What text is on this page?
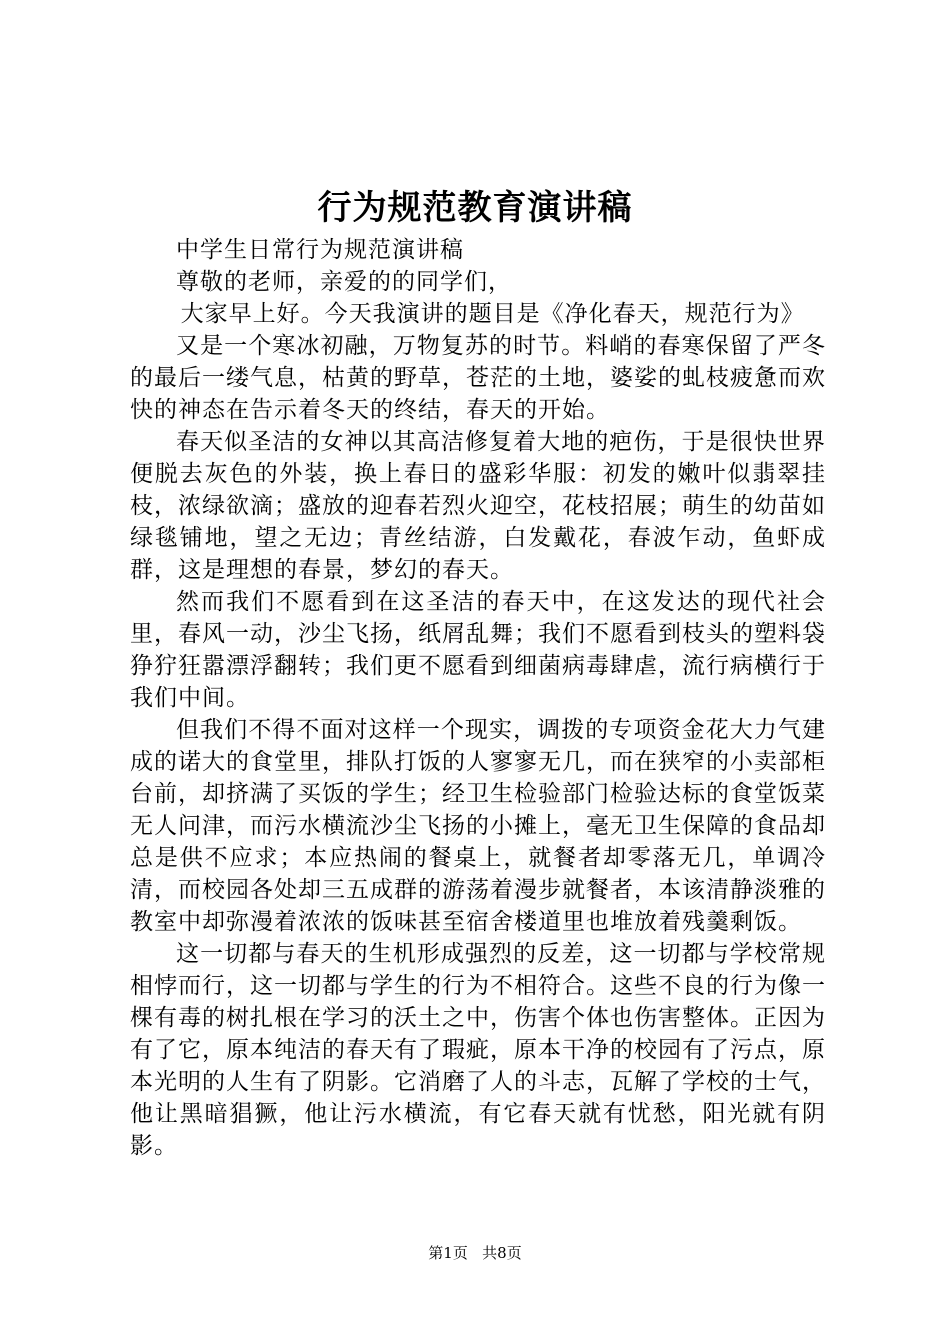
行为规范教育演讲稿

中学生日常行为规范演讲稿

尊敬的老师，亲爱的的同学们，

大家早上好。今天我演讲的题目是《净化春天，规范行为》

又是一个寒冰初融，万物复苏的时节。料峭的春寒保留了严冬的最后一缕气息，枯黄的野草，苍茫的土地，婆娑的虬枝疲惫而欢快的神态在告示着冬天的终结，春天的开始。

春天似圣洁的女神以其高洁修复着大地的疤伤，于是很快世界便脱去灰色的外装，换上春日的盛彩华服：初发的嫩叶似翡翠挂枝，浓绿欲滴；盛放的迎春若烈火迎空，花枝招展；萌生的幼苗如绿毯铺地，望之无边；青丝结游，白发戴花，春波乍动，鱼虾成群，这是理想的春景，梦幻的春天。

然而我们不愿看到在这圣洁的春天中，在这发达的现代社会里，春风一动，沙尘飞扬，纸屑乱舞；我们不愿看到枝头的塑料袋狰狞狂嚣漂浮翻转；我们更不愿看到细菌病毒肆虐，流行病横行于我们中间。

但我们不得不面对这样一个现实，调拨的专项资金花大力气建成的诺大的食堂里，排队打饭的人寥寥无几，而在狭窄的小卖部柜台前，却挤满了买饭的学生；经卫生检验部门检验达标的食堂饭菜无人问津，而污水横流沙尘飞扬的小摊上，毫无卫生保障的食品却总是供不应求；本应热闹的餐桌上，就餐者却零落无几，单调冷清，而校园各处却三五成群的游荡着漫步就餐者，本该清静淡雅的教室中却弥漫着浓浓的饭味甚至宿舍楼道里也堆放着残羹剩饭。

这一切都与春天的生机形成强烈的反差，这一切都与学校常规相悖而行，这一切都与学生的行为不相符合。这些不良的行为像一棵有毒的树扎根在学习的沃土之中，伤害个体也伤害整体。正因为有了它，原本纯洁的春天有了瑕疵，原本干净的校园有了污点，原本光明的人生有了阴影。它消磨了人的斗志，瓦解了学校的士气，他让黑暗猖獗，他让污水横流，有它春天就有忧愁，阳光就有阴影。

第1页 共8页
